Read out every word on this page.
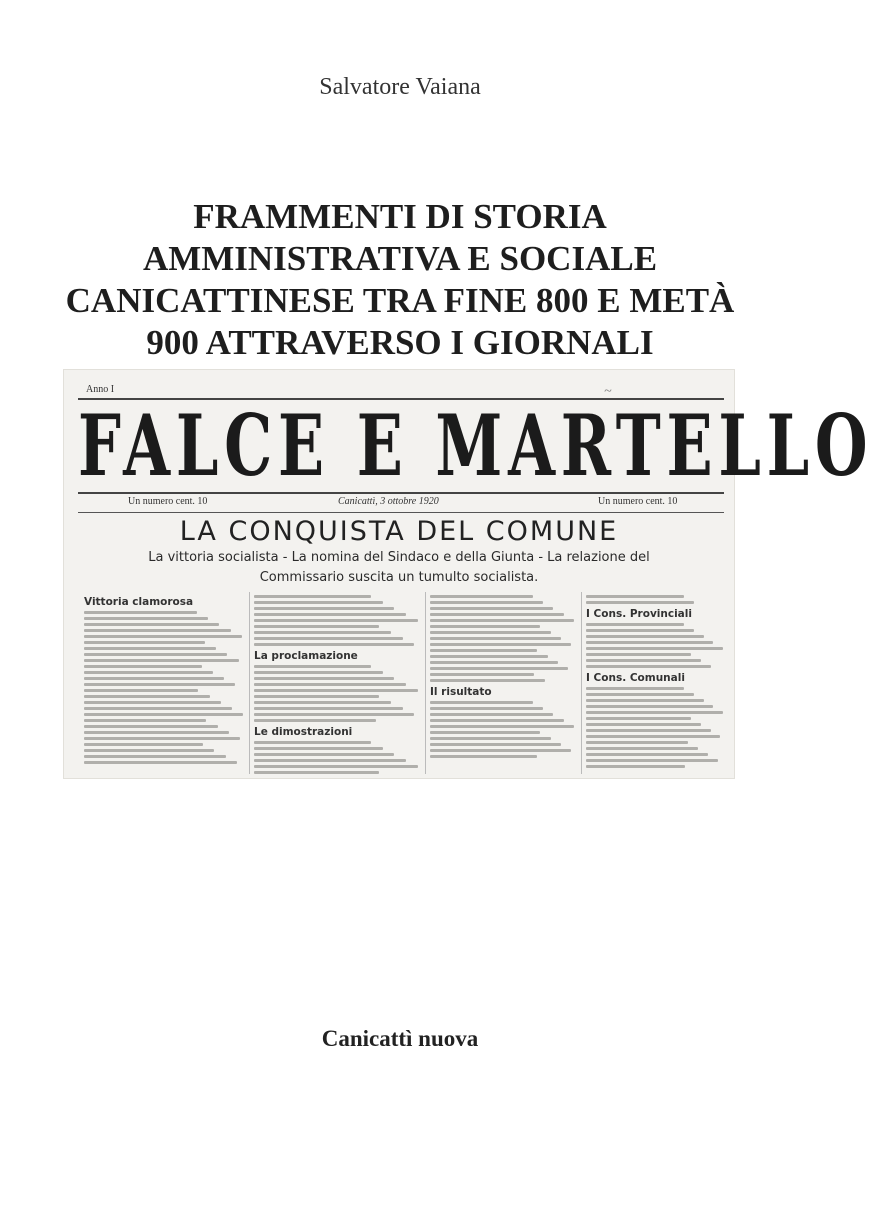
Salvatore Vaiana
FRAMMENTI DI STORIA
AMMINISTRATIVA E SOCIALE
CANICATTINESE TRA FINE 800 E METÀ
900 ATTRAVERSO I GIORNALI
Anno I	~
FALCE E MARTELLO
Un numero cent. 10	Canicattì, 3 ottobre 1920	Un numero cent. 10
LA CONQUISTA DEL COMUNE
La vittoria socialista - La nomina del Sindaco e della Giunta - La relazione del
Commissario suscita un tumulto socialista.
Vittoria clamorosa
La proclamazione
Le dimostrazioni
Il risultato
I Cons. Provinciali
I Cons. Comunali
Canicattì nuova
